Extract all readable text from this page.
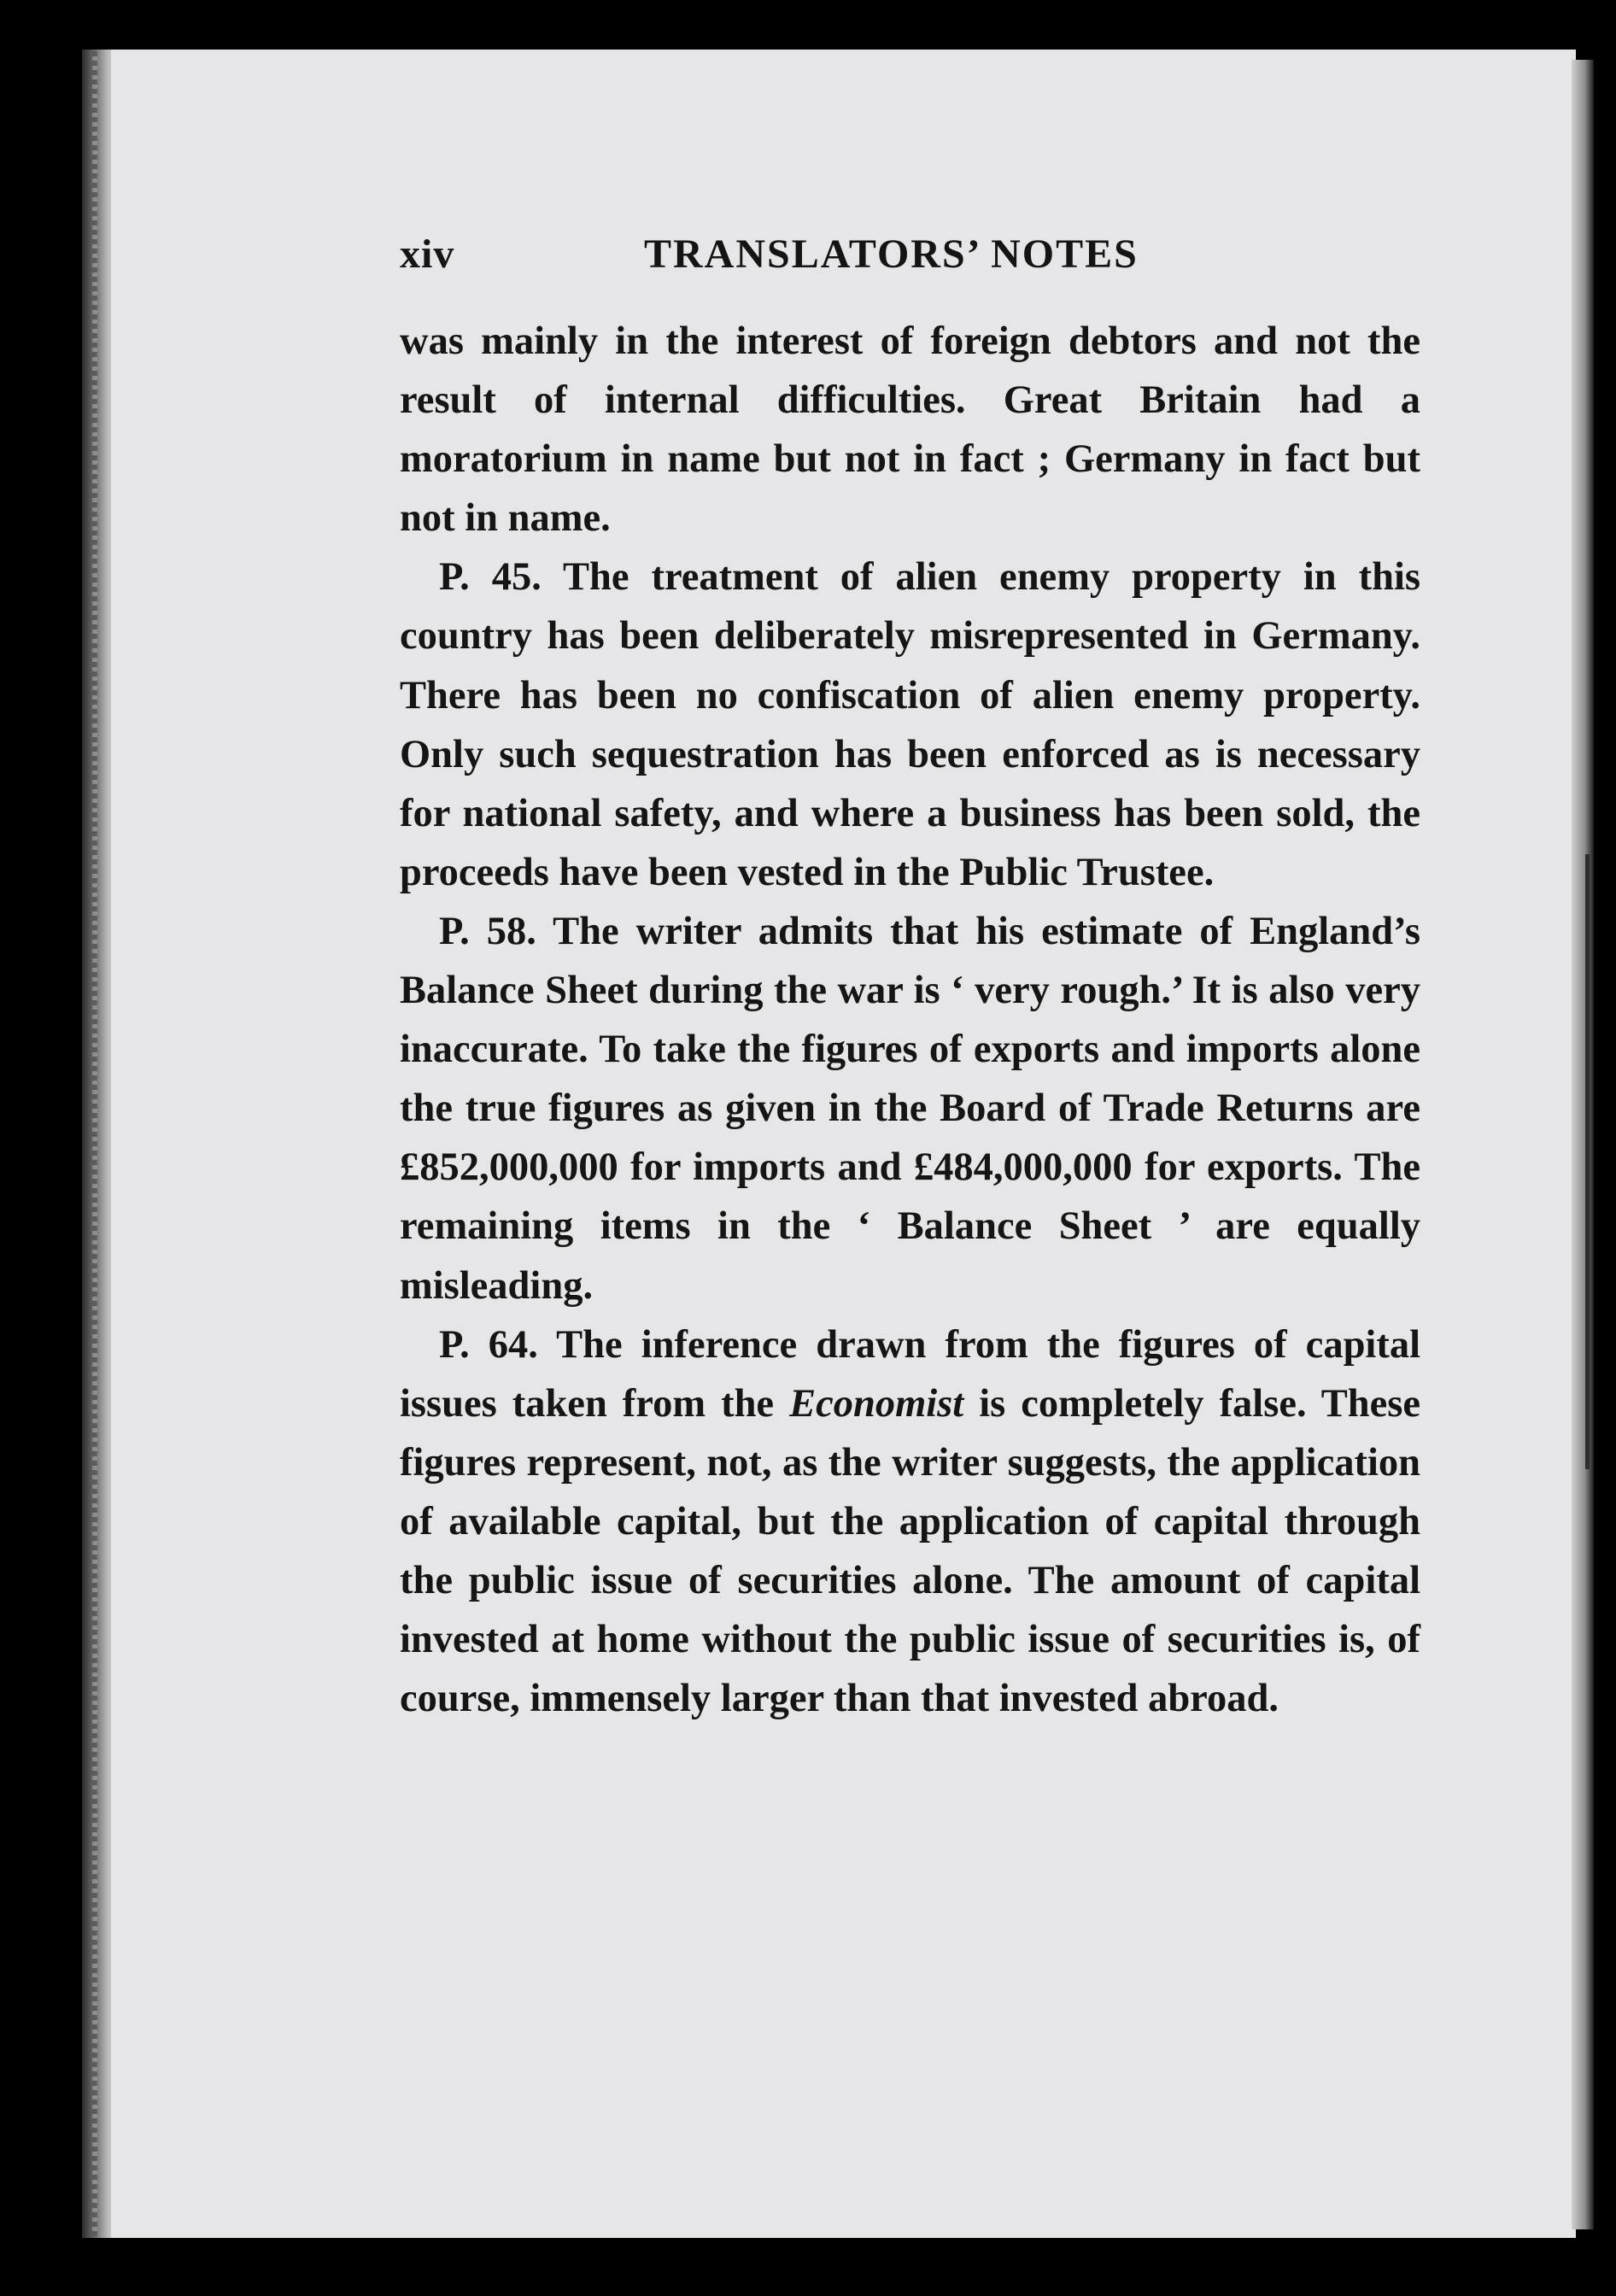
xiv	TRANSLATORS’ NOTES

was mainly in the interest of foreign debtors and not the result of internal difficulties. Great Britain had a moratorium in name but not in fact ; Germany in fact but not in name.

P. 45. The treatment of alien enemy property in this country has been deliberately misrepresented in Germany. There has been no confiscation of alien enemy property. Only such sequestration has been enforced as is necessary for national safety, and where a business has been sold, the proceeds have been vested in the Public Trustee.

P. 58. The writer admits that his estimate of England’s Balance Sheet during the war is ‘ very rough.’ It is also very inaccurate. To take the figures of exports and imports alone the true figures as given in the Board of Trade Returns are £852,000,000 for imports and £484,000,000 for exports. The remaining items in the ‘ Balance Sheet ’ are equally misleading.

P. 64. The inference drawn from the figures of capital issues taken from the Economist is completely false. These figures represent, not, as the writer suggests, the application of available capital, but the application of capital through the public issue of securities alone. The amount of capital invested at home without the public issue of securities is, of course, immensely larger than that invested abroad.
